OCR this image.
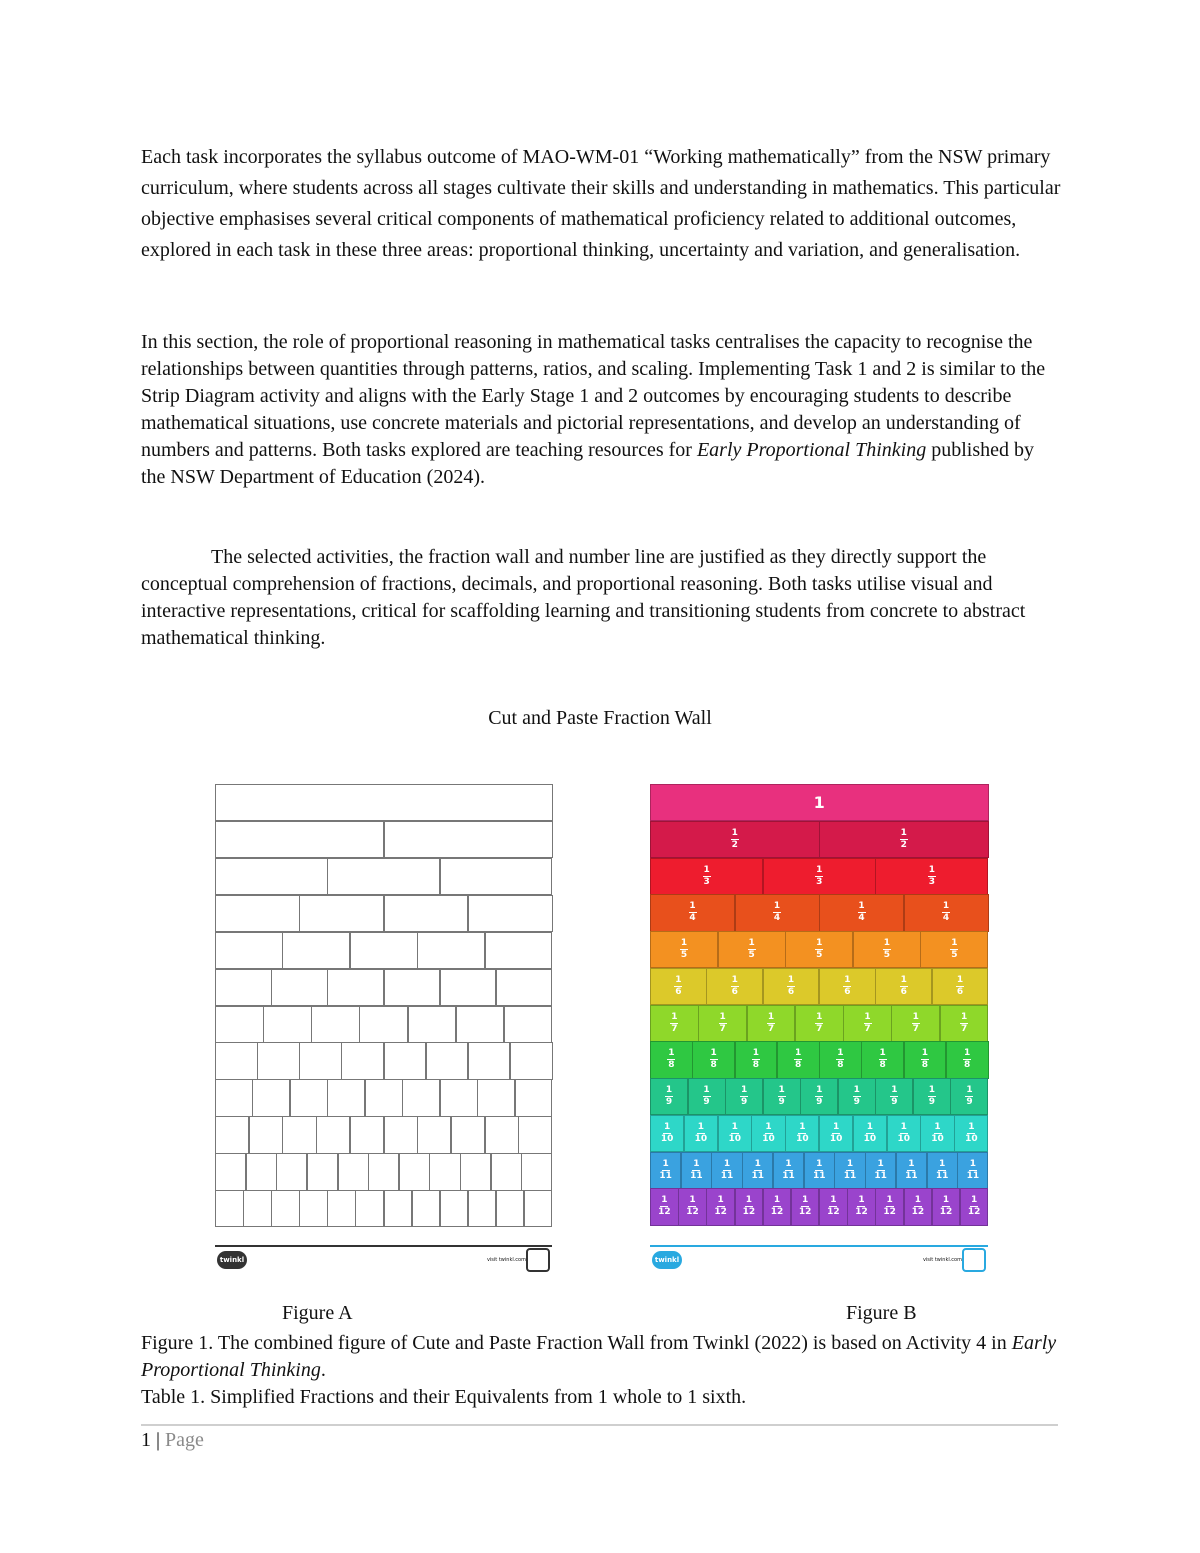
Each task incorporates the syllabus outcome of MAO-WM-01 “Working mathematically” from the NSW primary curriculum, where students across all stages cultivate their skills and understanding in mathematics. This particular objective emphasises several critical components of mathematical proficiency related to additional outcomes, explored in each task in these three areas: proportional thinking, uncertainty and variation, and generalisation.

In this section, the role of proportional reasoning in mathematical tasks centralises the capacity to recognise the relationships between quantities through patterns, ratios, and scaling. Implementing Task 1 and 2 is similar to the Strip Diagram activity and aligns with the Early Stage 1 and 2 outcomes by encouraging students to describe mathematical situations, use concrete materials and pictorial representations, and develop an understanding of numbers and patterns. Both tasks explored are teaching resources for Early Proportional Thinking published by the NSW Department of Education (2024).

The selected activities, the fraction wall and number line are justified as they directly support the conceptual comprehension of fractions, decimals, and proportional reasoning. Both tasks utilise visual and interactive representations, critical for scaffolding learning and transitioning students from concrete to abstract mathematical thinking.

Cut and Paste Fraction Wall

twinkl	visit twinkl.com
1
$\frac{1}{2}$	$\frac{1}{2}$
$\frac{1}{3}$	$\frac{1}{3}$	$\frac{1}{3}$
$\frac{1}{4}$	$\frac{1}{4}$	$\frac{1}{4}$	$\frac{1}{4}$
$\frac{1}{5}$	$\frac{1}{5}$	$\frac{1}{5}$	$\frac{1}{5}$	$\frac{1}{5}$
$\frac{1}{6}$	$\frac{1}{6}$	$\frac{1}{6}$	$\frac{1}{6}$	$\frac{1}{6}$	$\frac{1}{6}$
$\frac{1}{7}$	$\frac{1}{7}$	$\frac{1}{7}$	$\frac{1}{7}$	$\frac{1}{7}$	$\frac{1}{7}$	$\frac{1}{7}$
$\frac{1}{8}$	$\frac{1}{8}$	$\frac{1}{8}$	$\frac{1}{8}$	$\frac{1}{8}$	$\frac{1}{8}$	$\frac{1}{8}$	$\frac{1}{8}$
$\frac{1}{9}$	$\frac{1}{9}$	$\frac{1}{9}$	$\frac{1}{9}$	$\frac{1}{9}$	$\frac{1}{9}$	$\frac{1}{9}$	$\frac{1}{9}$	$\frac{1}{9}$
$\frac{1}{10} \frac{1}{10} \frac{1}{10} \frac{1}{10} \frac{1}{10} \frac{1}{10} \frac{1}{10} \frac{1}{10} \frac{1}{10} \frac{1}{10}$
$\frac{1}{11} \frac{1}{11} \frac{1}{11} \frac{1}{11} \frac{1}{11} \frac{1}{11} \frac{1}{11} \frac{1}{11} \frac{1}{11} \frac{1}{11} \frac{1}{11}$
$\frac{1}{12} \frac{1}{12} \frac{1}{12} \frac{1}{12} \frac{1}{12} \frac{1}{12} \frac{1}{12} \frac{1}{12} \frac{1}{12} \frac{1}{12} \frac{1}{12} \frac{1}{12}$
twinkl	visit twinkl.com
Figure A	Figure B

Figure 1. The combined figure of Cute and Paste Fraction Wall from Twinkl (2022) is based on Activity 4 in Early Proportional Thinking.

Table 1. Simplified Fractions and their Equivalents from 1 whole to 1 sixth.

1 | Page
